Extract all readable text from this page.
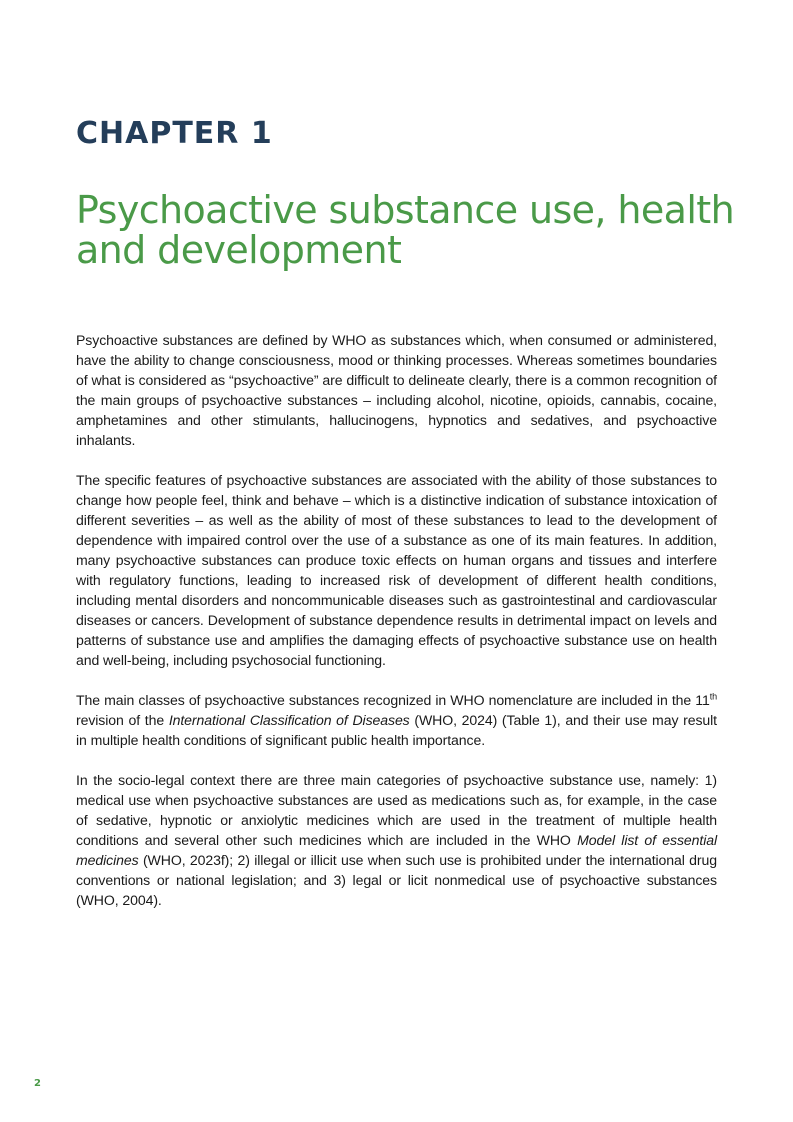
CHAPTER 1
Psychoactive substance use, health and development

Psychoactive substances are defined by WHO as substances which, when consumed or administered, have the ability to change consciousness, mood or thinking processes. Whereas sometimes boundaries of what is considered as “psychoactive” are difficult to delineate clearly, there is a common recognition of the main groups of psychoactive substances – including alcohol, nicotine, opioids, cannabis, cocaine, amphetamines and other stimulants, hallucinogens, hypnotics and sedatives, and psychoactive inhalants.

The specific features of psychoactive substances are associated with the ability of those substances to change how people feel, think and behave – which is a distinctive indication of substance intoxication of different severities – as well as the ability of most of these substances to lead to the development of dependence with impaired control over the use of a substance as one of its main features. In addition, many psychoactive substances can produce toxic effects on human organs and tissues and interfere with regulatory functions, leading to increased risk of development of different health conditions, including mental disorders and noncommunicable diseases such as gastrointestinal and cardiovascular diseases or cancers. Development of substance dependence results in detrimental impact on levels and patterns of substance use and amplifies the damaging effects of psychoactive substance use on health and well-being, including psychosocial functioning.

The main classes of psychoactive substances recognized in WHO nomenclature are included in the 11th revision of the International Classification of Diseases (WHO, 2024) (Table 1), and their use may result in multiple health conditions of significant public health importance.

In the socio-legal context there are three main categories of psychoactive substance use, namely: 1) medical use when psychoactive substances are used as medications such as, for example, in the case of sedative, hypnotic or anxiolytic medicines which are used in the treatment of multiple health conditions and several other such medicines which are included in the WHO Model list of essential medicines (WHO, 2023f); 2) illegal or illicit use when such use is prohibited under the international drug conventions or national legislation; and 3) legal or licit nonmedical use of psychoactive substances (WHO, 2004).

2
